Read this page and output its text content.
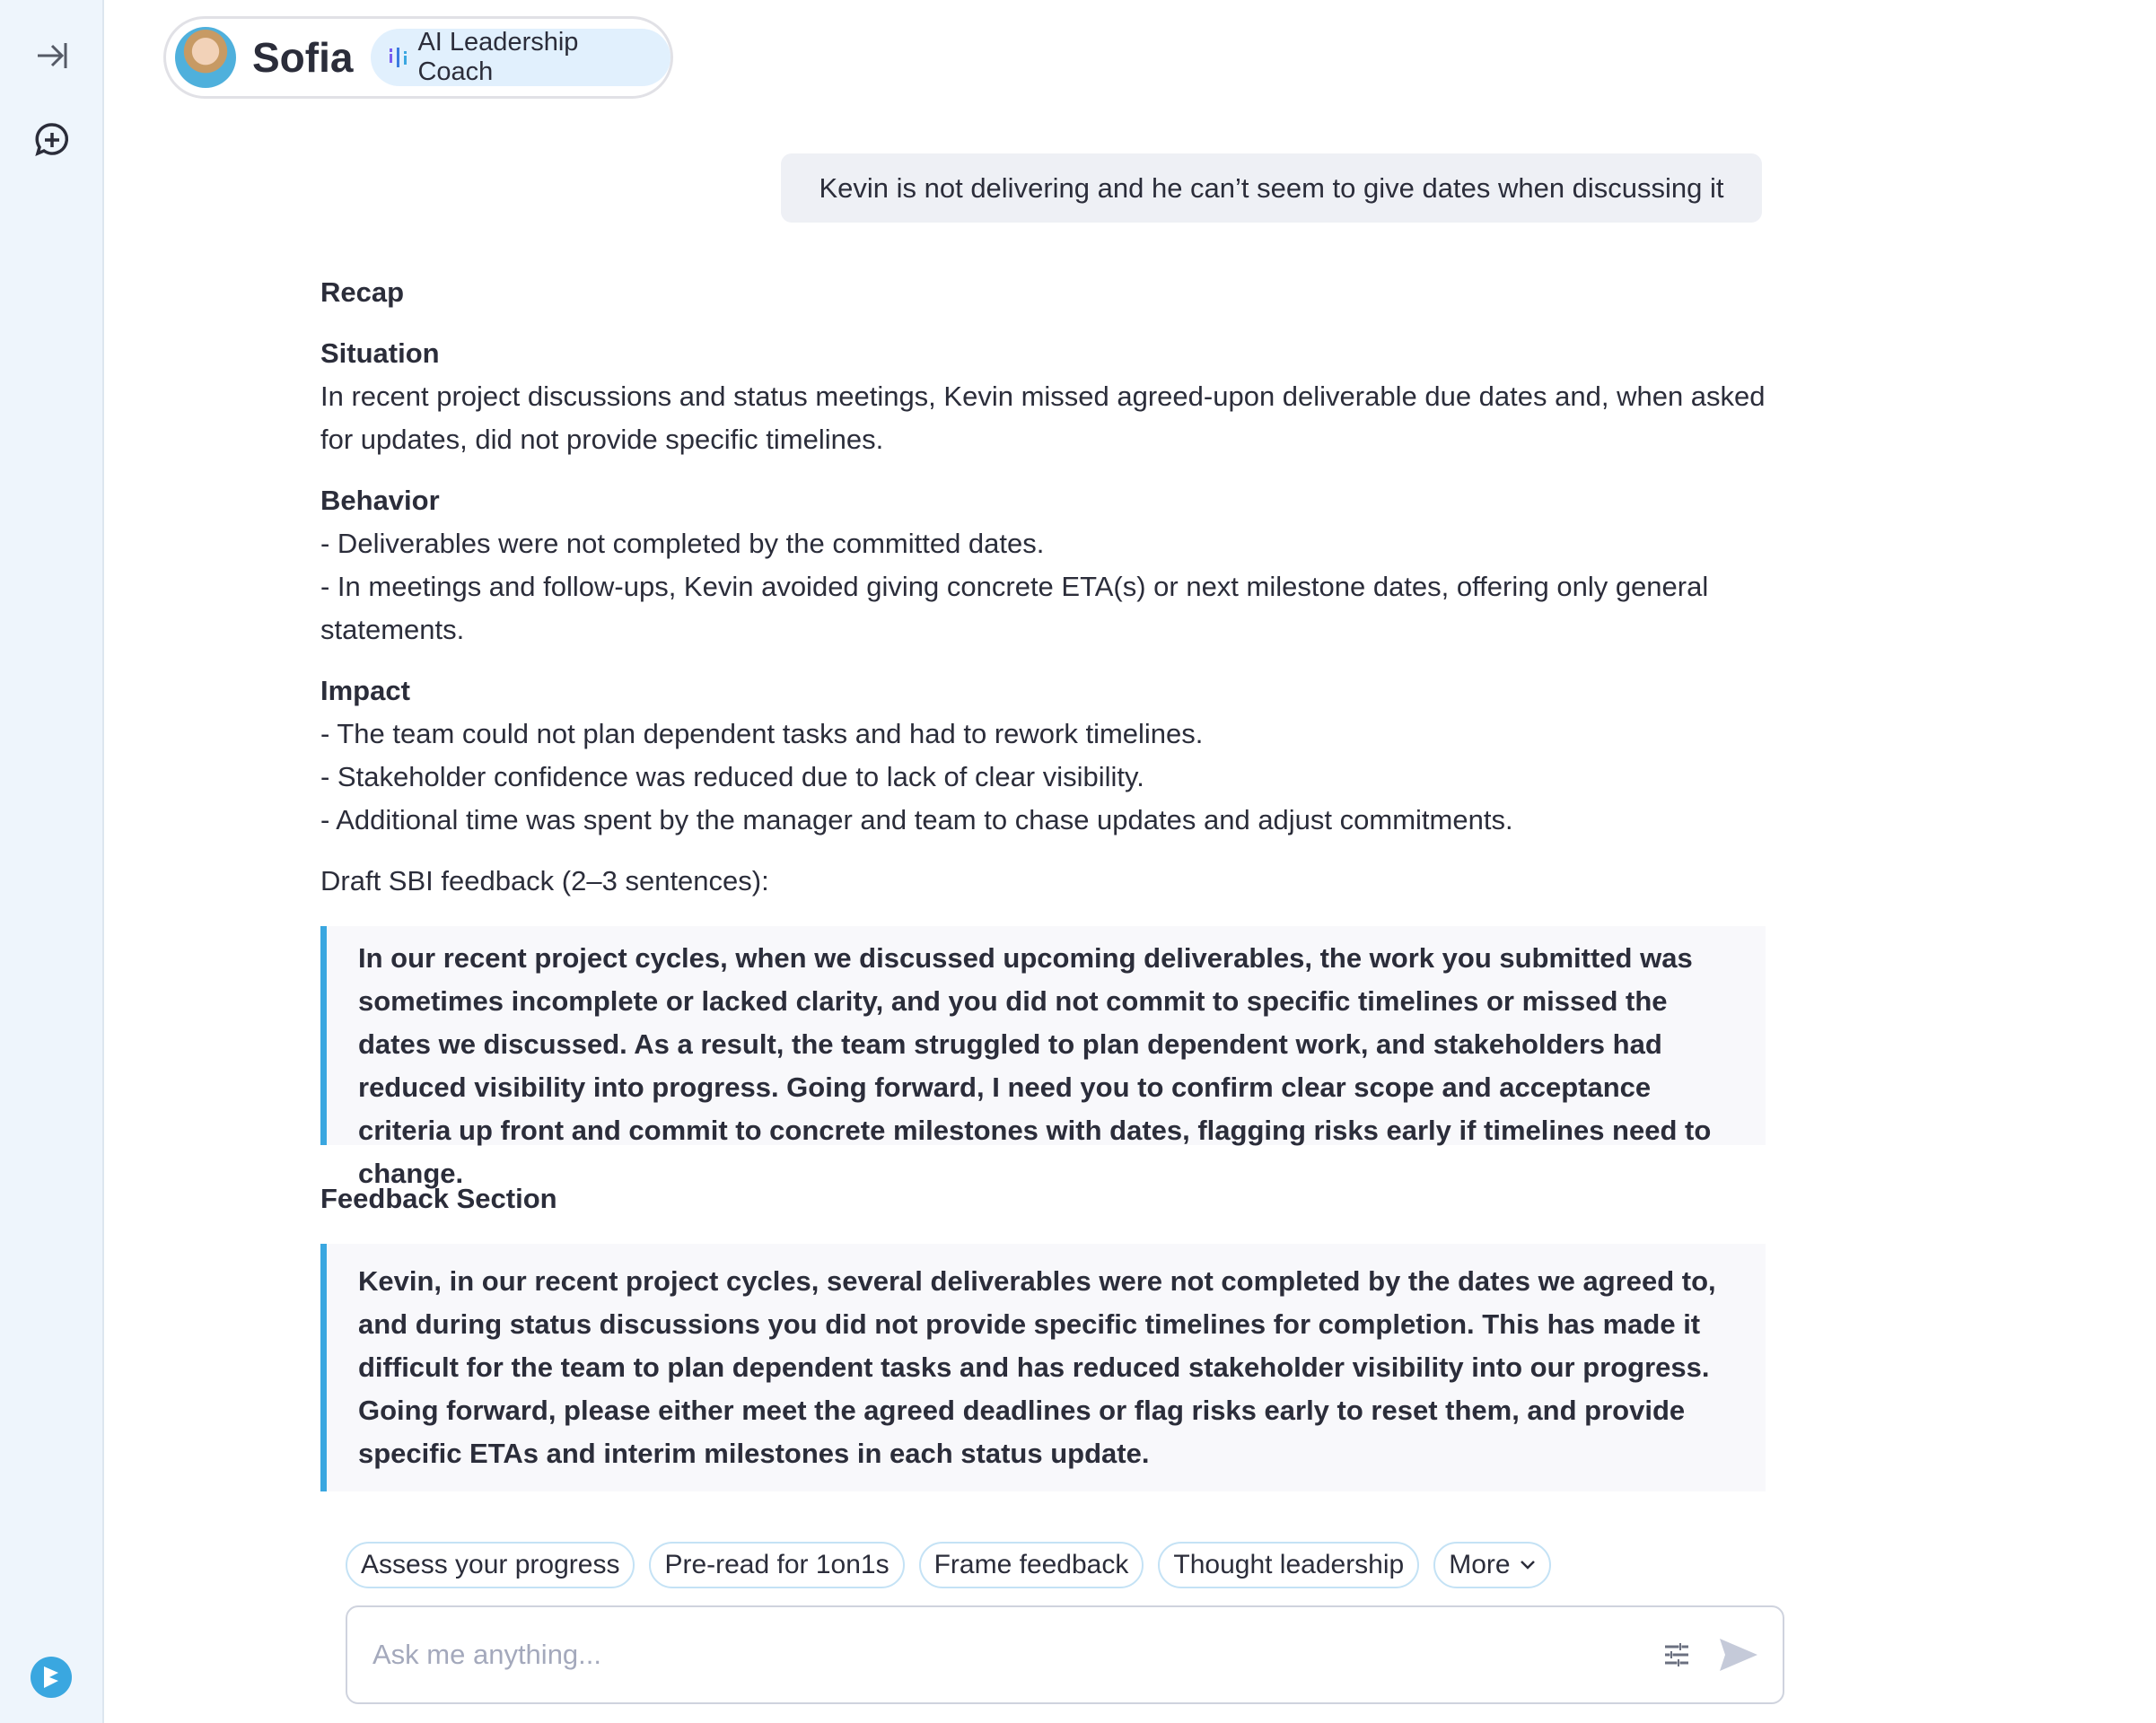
Sofia AI Leadership Coach
Kevin is not delivering and he can’t seem to give dates when discussing it
Recap
Situation

In recent project discussions and status meetings, Kevin missed agreed-upon deliverable due dates and, when asked for updates, did not provide specific timelines.

Behavior

- Deliverables were not completed by the committed dates.

- In meetings and follow-ups, Kevin avoided giving concrete ETA(s) or next milestone dates, offering only general statements.

Impact

- The team could not plan dependent tasks and had to rework timelines.

- Stakeholder confidence was reduced due to lack of clear visibility.

- Additional time was spent by the manager and team to chase updates and adjust commitments.

Draft SBI feedback (2–3 sentences):

In our recent project cycles, when we discussed upcoming deliverables, the work you submitted was sometimes incomplete or lacked clarity, and you did not commit to specific timelines or missed the dates we discussed. As a result, the team struggled to plan dependent work, and stakeholders had reduced visibility into progress. Going forward, I need you to confirm clear scope and acceptance criteria up front and commit to concrete milestones with dates, flagging risks early if timelines need to change.
Feedback Section
Kevin, in our recent project cycles, several deliverables were not completed by the dates we agreed to, and during status discussions you did not provide specific timelines for completion. This has made it difficult for the team to plan dependent tasks and has reduced stakeholder visibility into our progress. Going forward, please either meet the agreed deadlines or flag risks early to reset them, and provide specific ETAs and interim milestones in each status update.
Assess your progress	Pre-read for 1on1s	Frame feedback	Thought leadership	More
Ask me anything...
